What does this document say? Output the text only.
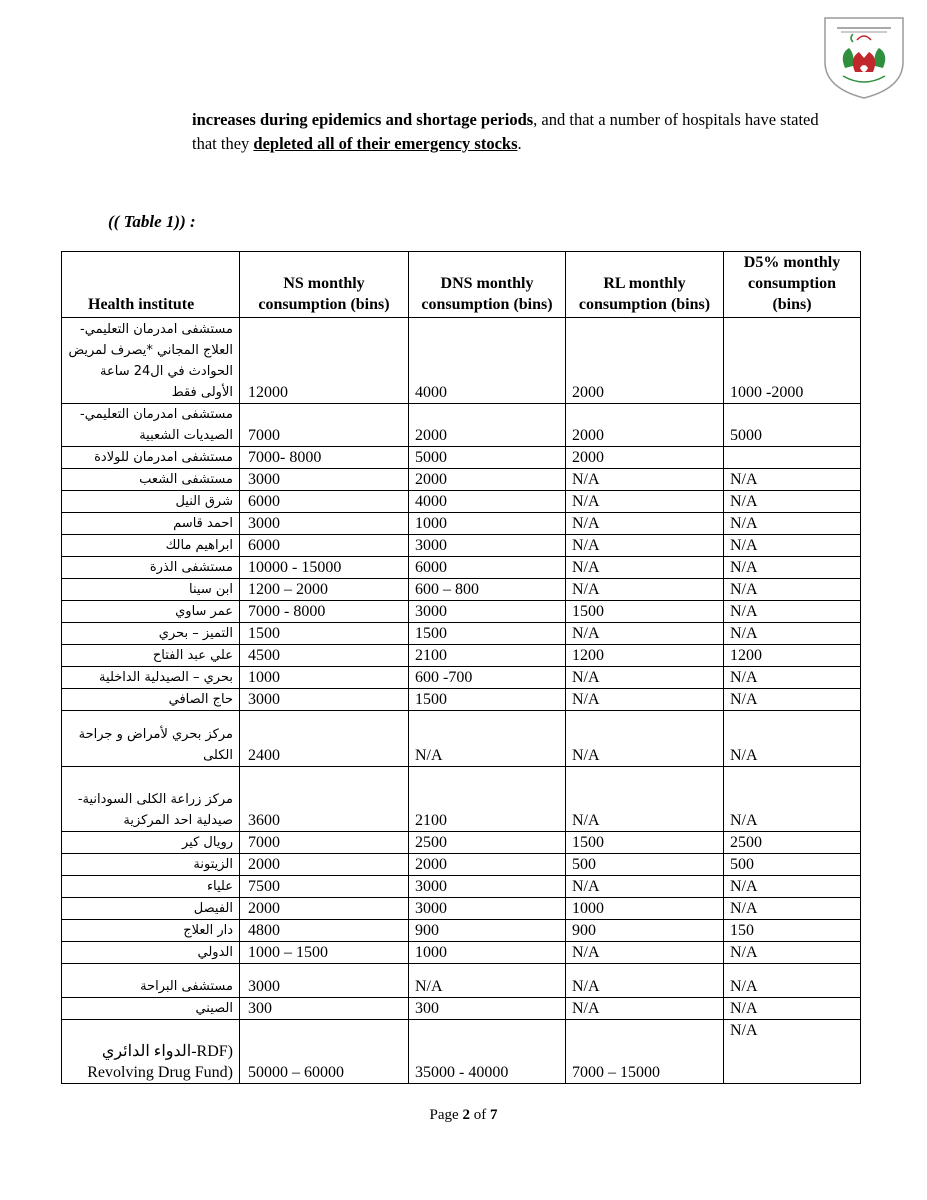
increases during epidemics and shortage periods, and that a number of hospitals have stated that they depleted all of their emergency stocks.
(( Table 1)) :
Health institute	NS monthly consumption (bins)	DNS monthly consumption (bins)	RL monthly consumption (bins)	D5% monthly consumption (bins)
مستشفى امدرمان التعليمي- العلاج المجاني *يصرف لمريض الحوادث في ال24 ساعة الأولى فقط	12000	4000	2000	1000 -2000
مستشفى امدرمان التعليمي- الصيديات الشعبية	7000	2000	2000	5000
مستشفى امدرمان للولادة	7000- 8000	5000	2000	
مستشفى الشعب	3000	2000	N/A	N/A
شرق النيل	6000	4000	N/A	N/A
احمد قاسم	3000	1000	N/A	N/A
ابراهيم مالك	6000	3000	N/A	N/A
مستشفى الذرة	10000 - 15000	6000	N/A	N/A
ابن سينا	1200 – 2000	600 – 800	N/A	N/A
عمر ساوي	7000 - 8000	3000	1500	N/A
التميز – بحري	1500	1500	N/A	N/A
علي عبد الفتاح	4500	2100	1200	1200
بحري – الصيدلية الداخلية	1000	600 -700	N/A	N/A
حاج الصافي	3000	1500	N/A	N/A
مركز بحري لأمراض و جراحة الكلى	2400	N/A	N/A	N/A
مركز زراعة الكلى السودانية- صيدلية احد المركزية	3600	2100	N/A	N/A
رويال كير	7000	2500	1500	2500
الزيتونة	2000	2000	500	500
علياء	7500	3000	N/A	N/A
الفيصل	2000	3000	1000	N/A
دار العلاج	4800	900	900	150
الدولي	1000 – 1500	1000	N/A	N/A
مستشفى البراحة	3000	N/A	N/A	N/A
الصيني	300	300	N/A	N/A
الدواء الدائري-RDF) Revolving Drug Fund)	50000 – 60000	35000 - 40000	7000 – 15000	N/A
Page 2 of 7
